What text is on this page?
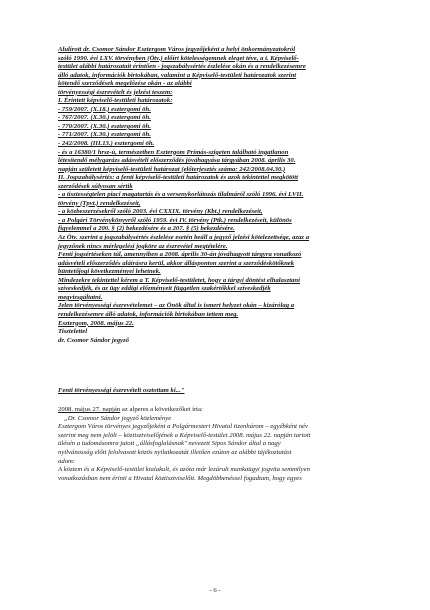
Alulírott dr. Csomor Sándor Esztergom Város jegyzőjeként a helyi önkormányzatokról
szóló 1990. évi LXV. törvényben (Ötv.) előírt kötelességemnek eleget téve, a t. Képviselő-
testület alábbi határozatait érintően - jogszabálysértés észlelése okán és a rendelkezésemre
álló adatok, információk birtokában, valamint a Képviselő-testületi határozatok szerint
kötendő szerződések megelőzése okán - az alábbi
törvényességi észrevételt és jelzést teszem:
I. Érintett képviselő-testületi határozatok:
- 759/2007. (X.18.) esztergomi öh.
- 767/2007. (X.30.) esztergomi öh.
- 770/2007. (X.30.) esztergomi öh.
- 771/2007. (X.30.) esztergomi öh.
- 242/2008. (III.13.) esztergomi öh.
- és a 16380/1 hrsz-ú, természetben Esztergom Prímás-szigeten található ingatlanon
létesítendő mélygarázs adásvételi előszerződés jóváhagyása tárgyában 2008. április 30.
napján született képviselő-testületi határozat (előterjesztés száma: 242/2008.04.30.)
II. Jogszabálysértés: a fenti képviselő-testületi határozatok és azok tekintettel megkötött
szerződések súlyosan sértik
- a tisztességtelen piaci magatartás és a versenykorlátozás tilalmáról szóló 1996. évi LVII.
törvény (Tpvt.) rendelkezéseit,
- a közbeszerzésekről szóló 2003. évi CXXIX. törvény (Kbt.) rendelkezéseit,
- a Polgári Törvénykönyvről szóló 1959. évi IV. törvény (Ptk.) rendelkezéseit, különös
figyelemmel a 200. § (2) bekezdésére és a 207. § (5) bekezdésére.
Az Ötv. szerint a jogszabálysértés észlelése esetén beáll a jegyző jelzési kötelezettsége, azaz a
jegyzőnek nincs mérlegelési jogköre az észrevétel megtételére.
Fenti jogsértéseken túl, amennyiben a 2008. április 30-án jóváhagyott tárgyra vonatkozó
adásvételi előszerződés aláírásra kerül, akkor állásponton szerint a szerződéskötőknek
büntetőjogi következményei lehetnek.
Mindezekre tekintettel kérem a T. Képviselő-testületet, hogy a tárgyi döntést elhalasztani
szíveskedjék, és az ügy eddigi előzményeit független szakértőkkel szíveskedjék
megvizsgáltatni.
Jelen törvényességi észrevételemet – az Önök által is ismert helyzet okán – kizárólag a
rendelkezésemre álló adatok, információk birtokában tettem meg.
Esztergom, 2008. május 22.
Tisztelettel
dr. Csomor Sándor jegyző
Fenti törvényességi észrevételt osztottam ki..."
2008. május 27. napján az alperes a következőket írta:
„Dr. Csomor Sándor jegyző közleménye
Esztergom Város törvényes jegyzőjeként a Polgármesteri Hivatal tizenhárom – egyébként név
szerint meg nem jelölt – köztisztviselőjének a Képviselő-testület 2008. május 22. napján tartott
ülésén a tudomásomra jutott „állásfoglalásnak" nevezett Sipos Sándor által a nagy
nyilvánosság előtt felolvasott közös nyilatkozatát illetően ezúton az alábbi tájékoztatást
adom:
A köztem és a Képviselő-testület kialakult, és azóta már lezárult munkaügyi jogvita semmilyen
vonatkozásban nem érinti a Hivatal köztisztviselőit. Megdöbbenéssel fogadtam, hogy egyes
- 6 -
